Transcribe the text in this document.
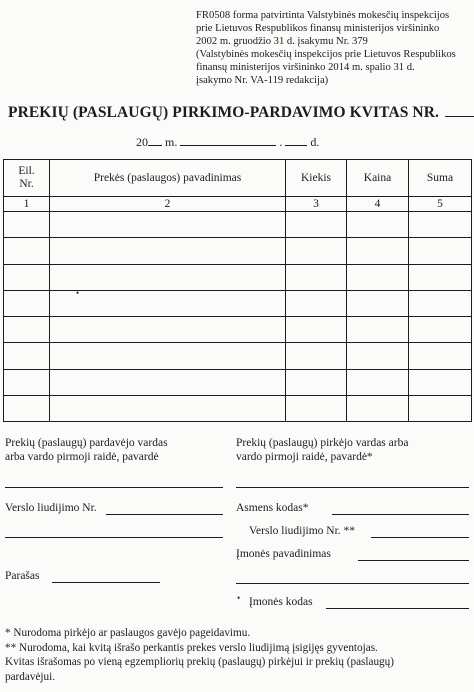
FR0508 forma patvirtinta Valstybinės mokesčių inspekcijos
prie Lietuvos Respublikos finansų ministerijos viršininko
2002 m. gruodžio 31 d. įsakymu Nr. 379
(Valstybinės mokesčių inspekcijos prie Lietuvos Respublikos
finansų ministerijos viršininko 2014 m. spalio 31 d.
įsakymo Nr. VA-119 redakcija)
PREKIŲ (PASLAUGŲ) PIRKIMO-PARDAVIMO KVITAS NR.
20 m.	. d.
Eil. Nr.	Prekės (paslaugos) pavadinimas	Kiekis	Kaina	Suma
1	2	3	4	5

•
Prekių (paslaugų) pardavėjo vardas
arba vardo pirmoji raidė, pavardė
Verslo liudijimo Nr.
Parašas
Prekių (paslaugų) pirkėjo vardas arba
vardo pirmoji raidė, pavardė*
Asmens kodas*
Verslo liudijimo Nr. **
Įmonės pavadinimas
• Įmonės kodas
* Nurodoma pirkėjo ar paslaugos gavėjo pageidavimu.
** Nurodoma, kai kvitą išrašo perkantis prekes verslo liudijimą įsigijęs gyventojas.
Kvitas išrašomas po vieną egzempliorių prekių (paslaugų) pirkėjui ir prekių (paslaugų)
pardavėjui.
